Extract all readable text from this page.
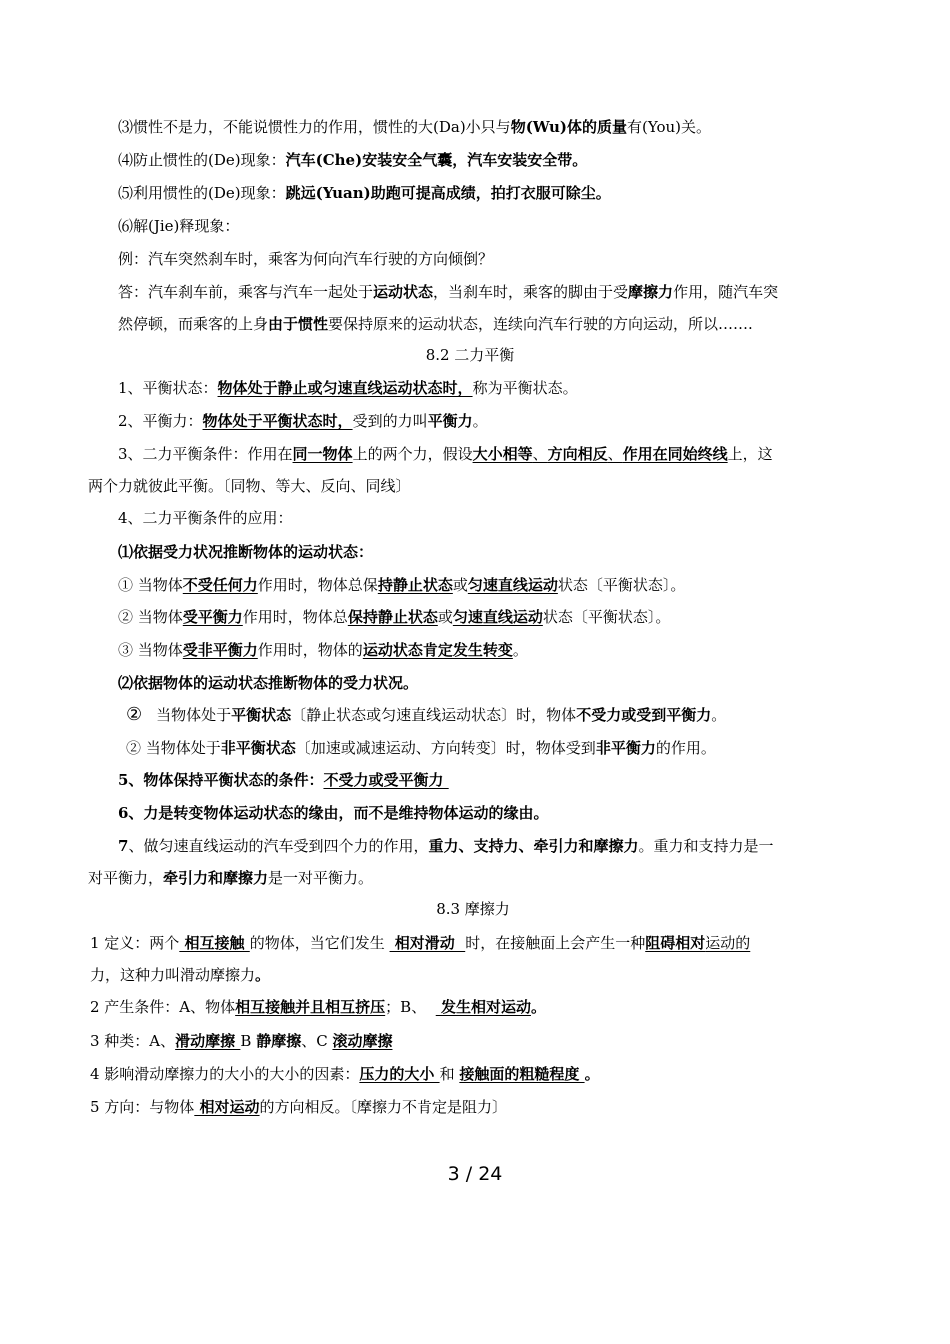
⑶惯性不是力，不能说惯性力的作用，惯性的大(Da)小只与物(Wu)体的质量有(You)关。
⑷防止惯性的(De)现象：汽车(Che)安装安全气囊，汽车安装安全带。
⑸利用惯性的(De)现象：跳远(Yuan)助跑可提高成绩，拍打衣服可除尘。
⑹解(Jie)释现象：
例：汽车突然刹车时，乘客为何向汽车行驶的方向倾倒？
答：汽车刹车前，乘客与汽车一起处于运动状态，当刹车时，乘客的脚由于受摩擦力作用，随汽车突
然停顿，而乘客的上身由于惯性要保持原来的运动状态，连续向汽车行驶的方向运动，所以…….
8.2 二力平衡
1、平衡状态：物体处于静止或匀速直线运动状态时，称为平衡状态。
2、平衡力：物体处于平衡状态时，受到的力叫平衡力。
3、二力平衡条件：作用在同一物体上的两个力，假设大小相等、方向相反、作用在同始终线上，这
两个力就彼此平衡。〔同物、等大、反向、同线〕
4、二力平衡条件的应用：
⑴依据受力状况推断物体的运动状态：
① 当物体不受任何力作用时，物体总保持静止状态或匀速直线运动状态〔平衡状态〕。
② 当物体受平衡力作用时，物体总保持静止状态或匀速直线运动状态〔平衡状态〕。
③ 当物体受非平衡力作用时，物体的运动状态肯定发生转变。
⑵依据物体的运动状态推断物体的受力状况。
② 当物体处于平衡状态〔静止状态或匀速直线运动状态〕时，物体不受力或受到平衡力。
② 当物体处于非平衡状态〔加速或减速运动、方向转变〕时，物体受到非平衡力的作用。
5、物体保持平衡状态的条件：不受力或受平衡力
6、力是转变物体运动状态的缘由，而不是维持物体运动的缘由。
7、做匀速直线运动的汽车受到四个力的作用，重力、支持力、牵引力和摩擦力。重力和支持力是一
对平衡力，牵引力和摩擦力是一对平衡力。
8.3 摩擦力
1 定义：两个 相互接触 的物体，当它们发生  相对滑动  时，在接触面上会产生一种阻碍相对运动的
力，这种力叫滑动摩擦力。
2 产生条件：A、物体相互接触并且相互挤压；B、   发生相对运动。
3 种类：A、滑动摩擦 B 静摩擦、C 滚动摩擦
4 影响滑动摩擦力的大小的大小的因素：压力的大小 和 接触面的粗糙程度 。
5 方向：与物体 相对运动的方向相反。〔摩擦力不肯定是阻力〕
3 / 24
